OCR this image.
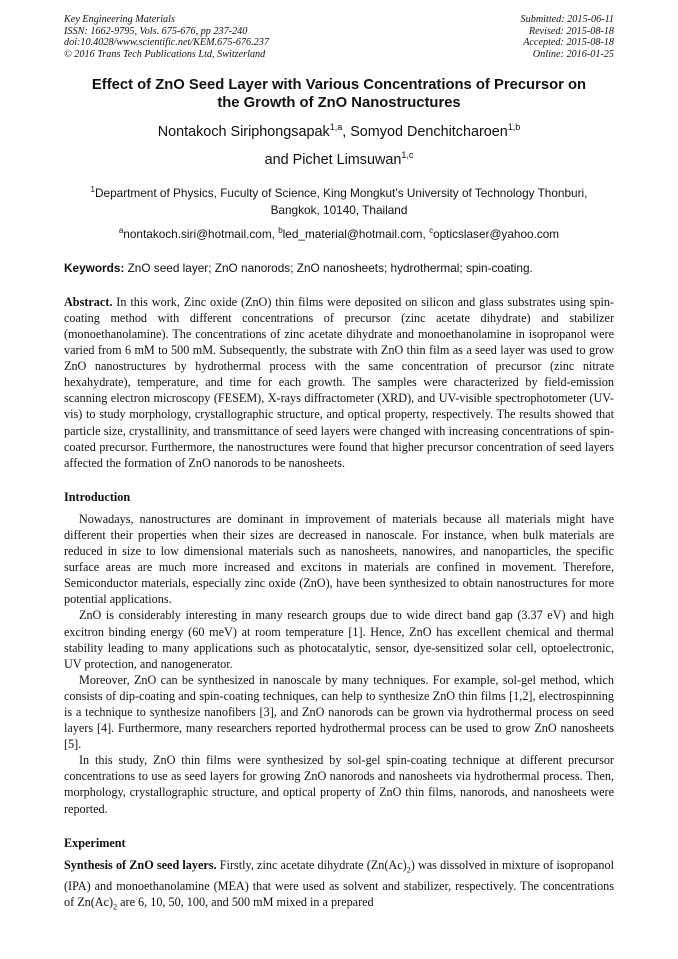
Key Engineering Materials
ISSN: 1662-9795, Vols. 675-676, pp 237-240
doi:10.4028/www.scientific.net/KEM.675-676.237
© 2016 Trans Tech Publications Ltd, Switzerland
Submitted: 2015-06-11
Revised: 2015-08-18
Accepted: 2015-08-18
Online: 2016-01-25
Effect of ZnO Seed Layer with Various Concentrations of Precursor on
the Growth of ZnO Nanostructures
Nontakoch Siriphongsapak$^{1,a}$, Somyod Denchitcharoen$^{1,b}$
and Pichet Limsuwan$^{1,c}$
$^1$Department of Physics, Fuculty of Science, King Mongkut’s University of Technology Thonburi,
Bangkok, 10140, Thailand
$^a$nontakoch.siri@hotmail.com, $^b$led_material@hotmail.com, $^c$opticslaser@yahoo.com
Keywords: ZnO seed layer; ZnO nanorods; ZnO nanosheets; hydrothermal; spin-coating.

Abstract. In this work, Zinc oxide (ZnO) thin films were deposited on silicon and glass substrates using spin-coating method with different concentrations of precursor (zinc acetate dihydrate) and stabilizer (monoethanolamine). The concentrations of zinc acetate dihydrate and monoethanolamine in isopropanol were varied from 6 mM to 500 mM. Subsequently, the substrate with ZnO thin film as a seed layer was used to grow ZnO nanostructures by hydrothermal process with the same concentration of precursor (zinc nitrate hexahydrate), temperature, and time for each growth. The samples were characterized by field-emission scanning electron microscopy (FESEM), X-rays diffractometer (XRD), and UV-visible spectrophotometer (UV-vis) to study morphology, crystallographic structure, and optical property, respectively. The results showed that particle size, crystallinity, and transmittance of seed layers were changed with increasing concentrations of spin-coated precursor. Furthermore, the nanostructures were found that higher precursor concentration of seed layers affected the formation of ZnO nanorods to be nanosheets.

Introduction

Nowadays, nanostructures are dominant in improvement of materials because all materials might have different their properties when their sizes are decreased in nanoscale. For instance, when bulk materials are reduced in size to low dimensional materials such as nanosheets, nanowires, and nanoparticles, the specific surface areas are much more increased and excitons in materials are confined in movement. Therefore, Semiconductor materials, especially zinc oxide (ZnO), have been synthesized to obtain nanostructures for more potential applications.

ZnO is considerably interesting in many research groups due to wide direct band gap (3.37 eV) and high excitron binding energy (60 meV) at room temperature [1]. Hence, ZnO has excellent chemical and thermal stability leading to many applications such as photocatalytic, sensor, dye-sensitized solar cell, optoelectronic, UV protection, and nanogenerator.

Moreover, ZnO can be synthesized in nanoscale by many techniques. For example, sol-gel method, which consists of dip-coating and spin-coating techniques, can help to synthesize ZnO thin films [1,2], electrospinning is a technique to synthesize nanofibers [3], and ZnO nanorods can be grown via hydrothermal process on seed layers [4]. Furthermore, many researchers reported hydrothermal process can be used to grow ZnO nanosheets [5].

In this study, ZnO thin films were synthesized by sol-gel spin-coating technique at different precursor concentrations to use as seed layers for growing ZnO nanorods and nanosheets via hydrothermal process. Then, morphology, crystallographic structure, and optical property of ZnO thin films, nanorods, and nanosheets were reported.

Experiment

Synthesis of ZnO seed layers. Firstly, zinc acetate dihydrate $(Zn(Ac)_2)$ was dissolved in mixture of isopropanol (IPA) and monoethanolamine (MEA) that were used as solvent and stabilizer, respectively. The concentrations of $Zn(Ac)_2$ are 6, 10, 50, 100, and 500 mM mixed in a prepared
